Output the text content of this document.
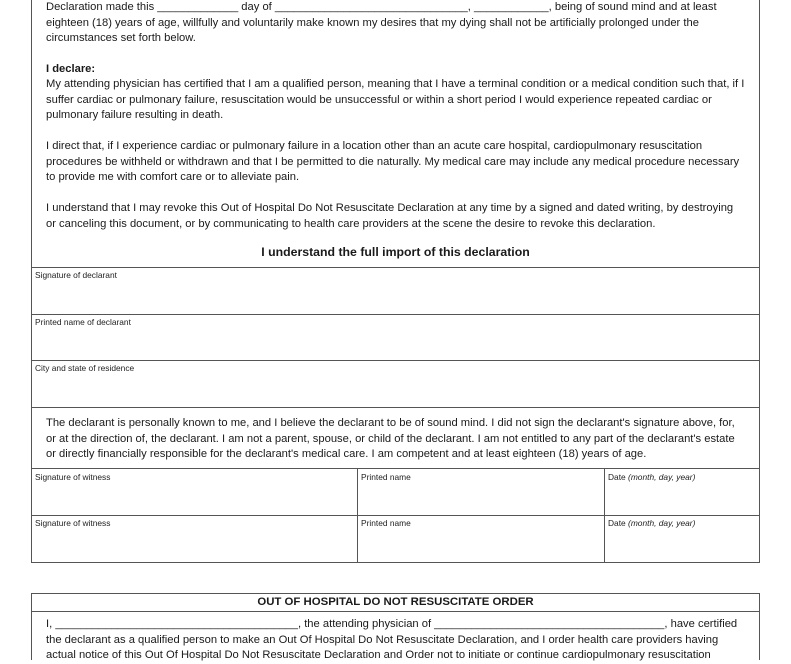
Declaration made this _____________ day of _______________________________, ____________, being of sound mind and at least eighteen (18) years of age, willfully and voluntarily make known my desires that my dying shall not be artificially prolonged under the circumstances set forth below.

I declare:

My attending physician has certified that I am a qualified person, meaning that I have a terminal condition or a medical condition such that, if I suffer cardiac or pulmonary failure, resuscitation would be unsuccessful or within a short period I would experience repeated cardiac or pulmonary failure resulting in death.

I direct that, if I experience cardiac or pulmonary failure in a location other than an acute care hospital, cardiopulmonary resuscitation procedures be withheld or withdrawn and that I be permitted to die naturally. My medical care may include any medical procedure necessary to provide me with comfort care or to alleviate pain.

I understand that I may revoke this Out of Hospital Do Not Resuscitate Declaration at any time by a signed and dated writing, by destroying or canceling this document, or by communicating to health care providers at the scene the desire to revoke this declaration.

I understand the full import of this declaration
Signature of declarant
Printed name of declarant
City and state of residence

The declarant is personally known to me, and I believe the declarant to be of sound mind. I did not sign the declarant's signature above, for, or at the direction of, the declarant. I am not a parent, spouse, or child of the declarant. I am not entitled to any part of the declarant's estate or directly financially responsible for the declarant's medical care. I am competent and at least eighteen (18) years of age.

Signature of witness	Printed name	Date (month, day, year)
Signature of witness	Printed name	Date (month, day, year)
OUT OF HOSPITAL DO NOT RESUSCITATE ORDER

I, _______________________________________, the attending physician of _____________________________________, have certified the declarant as a qualified person to make an Out Of Hospital Do Not Resuscitate Declaration, and I order health care providers having actual notice of this Out Of Hospital Do Not Resuscitate Declaration and Order not to initiate or continue cardiopulmonary resuscitation
